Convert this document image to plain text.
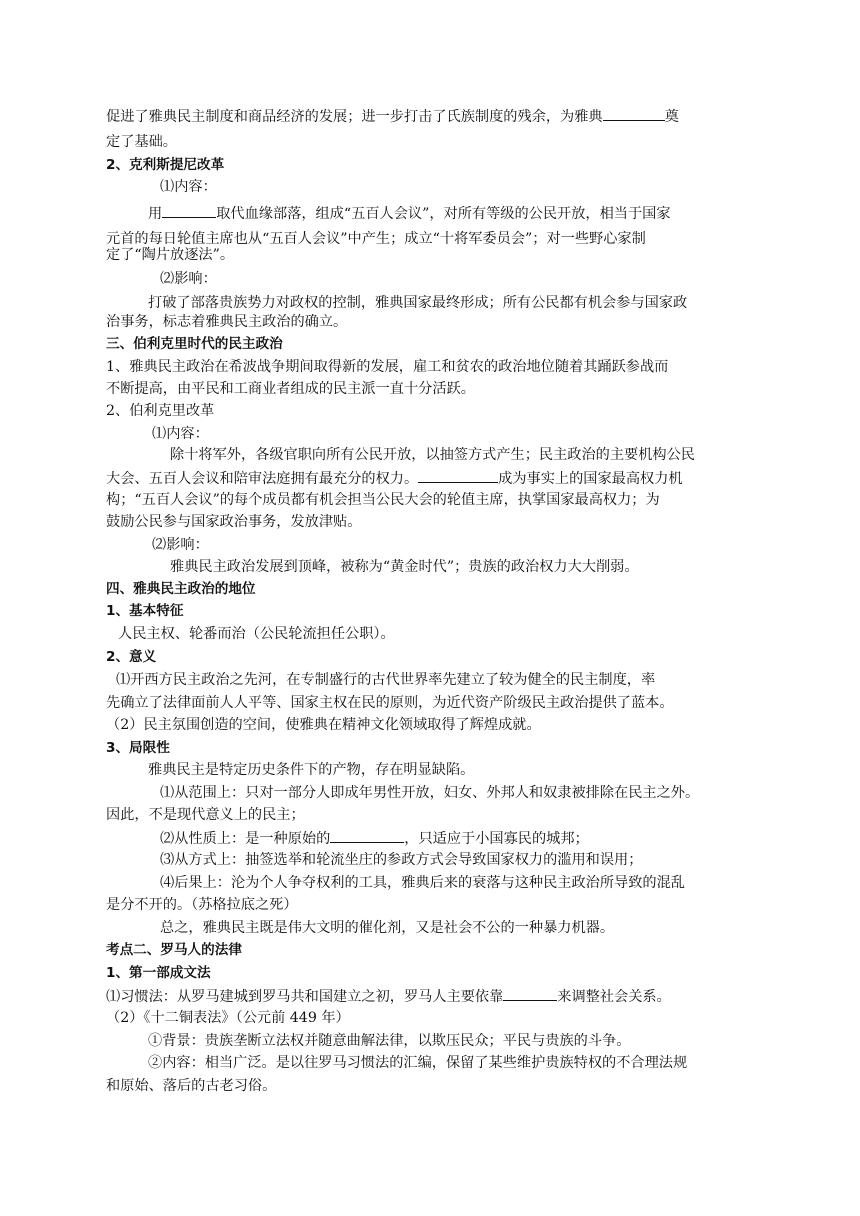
促进了雅典民主制度和商品经济的发展；进一步打击了氏族制度的残余，为雅典	奠
定了基础。
2、克利斯提尼改革
⑴内容：
用	取代血缘部落，组成“五百人会议”，对所有等级的公民开放，相当于国家
元首的每日轮值主席也从“五百人会议”中产生；成立“十将军委员会”；对一些野心家制
定了“陶片放逐法”。
⑵影响：
打破了部落贵族势力对政权的控制，雅典国家最终形成；所有公民都有机会参与国家政
治事务，标志着雅典民主政治的确立。
三、伯利克里时代的民主政治
1、雅典民主政治在希波战争期间取得新的发展，雇工和贫农的政治地位随着其踊跃参战而
不断提高，由平民和工商业者组成的民主派一直十分活跃。
2、伯利克里改革
⑴内容：
除十将军外，各级官职向所有公民开放，以抽签方式产生；民主政治的主要机构公民
大会、五百人会议和陪审法庭拥有最充分的权力。	成为事实上的国家最高权力机
构；“五百人会议”的每个成员都有机会担当公民大会的轮值主席，执掌国家最高权力；为
鼓励公民参与国家政治事务，发放津贴。
⑵影响：
雅典民主政治发展到顶峰，被称为“黄金时代”；贵族的政治权力大大削弱。
四、雅典民主政治的地位
1、基本特征
人民主权、轮番而治（公民轮流担任公职）。
2、意义
⑴开西方民主政治之先河，在专制盛行的古代世界率先建立了较为健全的民主制度，率
先确立了法律面前人人平等、国家主权在民的原则，为近代资产阶级民主政治提供了蓝本。
（2）民主氛围创造的空间，使雅典在精神文化领域取得了辉煌成就。
3、局限性
雅典民主是特定历史条件下的产物，存在明显缺陷。
⑴从范围上：只对一部分人即成年男性开放，妇女、外邦人和奴隶被排除在民主之外。
因此，不是现代意义上的民主；
⑵从性质上：是一种原始的	，只适应于小国寡民的城邦；
⑶从方式上：抽签选举和轮流坐庄的参政方式会导致国家权力的滥用和误用；
⑷后果上：沦为个人争夺权利的工具，雅典后来的衰落与这种民主政治所导致的混乱
是分不开的。（苏格拉底之死）
总之，雅典民主既是伟大文明的催化剂，又是社会不公的一种暴力机器。
考点二、罗马人的法律
1、第一部成文法
⑴习惯法：从罗马建城到罗马共和国建立之初，罗马人主要依靠	来调整社会关系。
（2）《十二铜表法》（公元前 449 年）
①背景：贵族垄断立法权并随意曲解法律，以欺压民众；平民与贵族的斗争。
②内容：相当广泛。是以往罗马习惯法的汇编，保留了某些维护贵族特权的不合理法规
和原始、落后的古老习俗。
